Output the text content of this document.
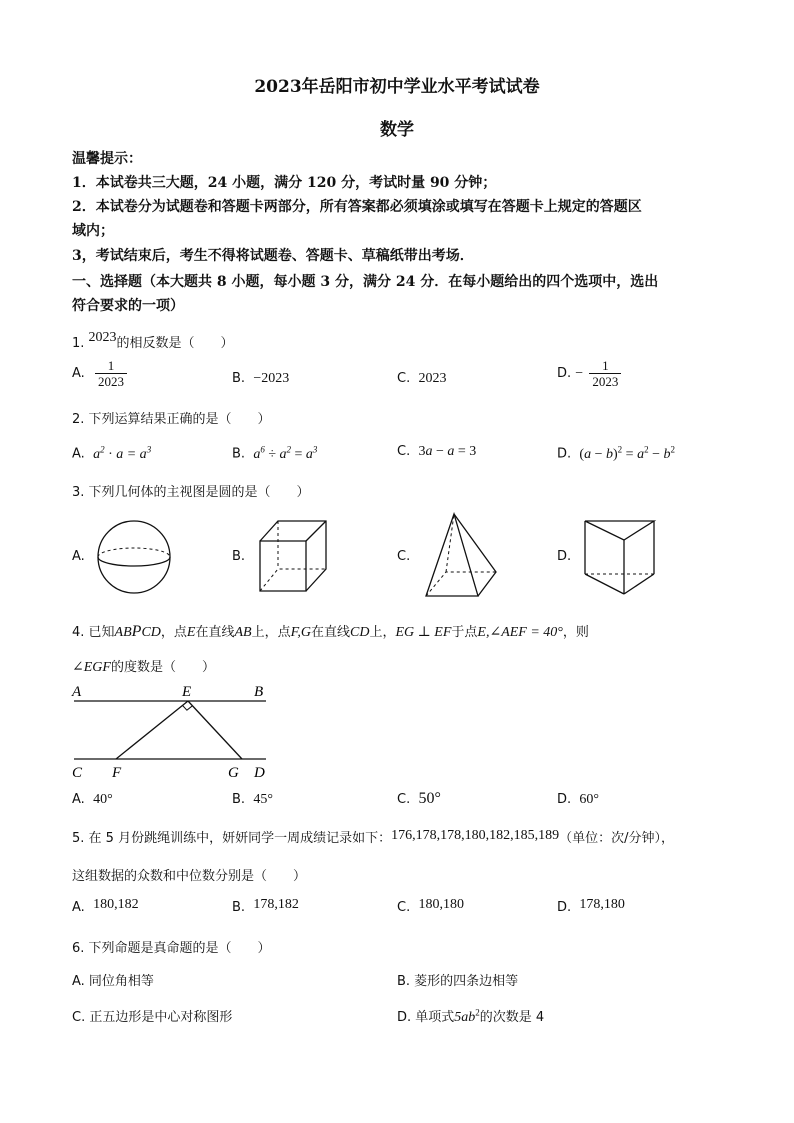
2023年岳阳市初中学业水平考试试卷
数学
温馨提示：
1．本试卷共三大题，24 小题，满分 120 分，考试时量 90 分钟；
2．本试卷分为试题卷和答题卡两部分，所有答案都必须填涂或填写在答题卡上规定的答题区
域内；
3，考试结束后，考生不得将试题卷、答题卡、草稿纸带出考场．
一、选择题（本大题共 8 小题，每小题 3 分，满分 24 分．在每小题给出的四个选项中，选出
符合要求的一项）
1. 2023的相反数是（　　）
A. $\frac{1}{2023}$	B. −2023	C. 2023	D. − $\frac{1}{2023}$
2. 下列运算结果正确的是（　　）
A. $a^2 \cdot a = a^3$	B. $a^6 \div a^2 = a^3$	C. 3a − a = 3	D. $(a - b)^2 = a^2 - b^2$
3. 下列几何体的主视图是圆的是（　　）
A.	B.	C.	D.
4. 已知ABPCD，点E在直线AB上，点F,G在直线CD上，EG ⊥ EF于点E,∠AEF = 40°，则
∠EGF的度数是（　　）
A	E	B
C F	G D
A. 40°	B. 45°	C. 50°	D. 60°
5. 在 5 月份跳绳训练中，妍妍同学一周成绩记录如下：176,178,178,180,182,185,189（单位：次/分钟），
这组数据的众数和中位数分别是（　　）
A. 180,182	B. 178,182	C. 180,180	D. 178,180
6. 下列命题是真命题的是（　　）
A. 同位角相等	B. 菱形的四条边相等
C. 正五边形是中心对称图形	D. 单项式$5ab^2$的次数是 4
